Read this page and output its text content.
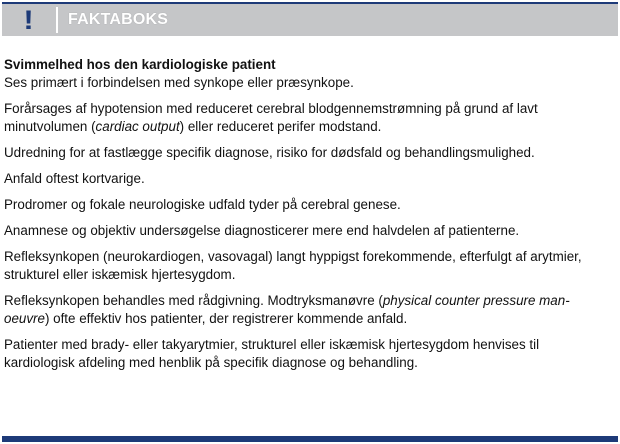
! FAKTABOKS

Svimmelhed hos den kardiologiske patient

Ses primært i forbindelsen med synkope eller præsynkope.

Forårsages af hypotension med reduceret cerebral blodgennemstrømning på grund af lavt minutvolumen (cardiac output) eller reduceret perifer modstand.

Udredning for at fastlægge specifik diagnose, risiko for dødsfald og behandlingsmulighed.

Anfald oftest kortvarige.

Prodromer og fokale neurologiske udfald tyder på cerebral genese.

Anamnese og objektiv undersøgelse diagnosticerer mere end halvdelen af patienterne.

Refleksynkopen (neurokardiogen, vasovagal) langt hyppigst forekommende, efterfulgt af arytmier, strukturel eller iskæmisk hjertesygdom.

Refleksynkopen behandles med rådgivning. Modtryksmanøvre (physical counter pressure man-oeuvre) ofte effektiv hos patienter, der registrerer kommende anfald.

Patienter med brady- eller takyarytmier, strukturel eller iskæmisk hjertesygdom henvises til kardiologisk afdeling med henblik på specifik diagnose og behandling.
